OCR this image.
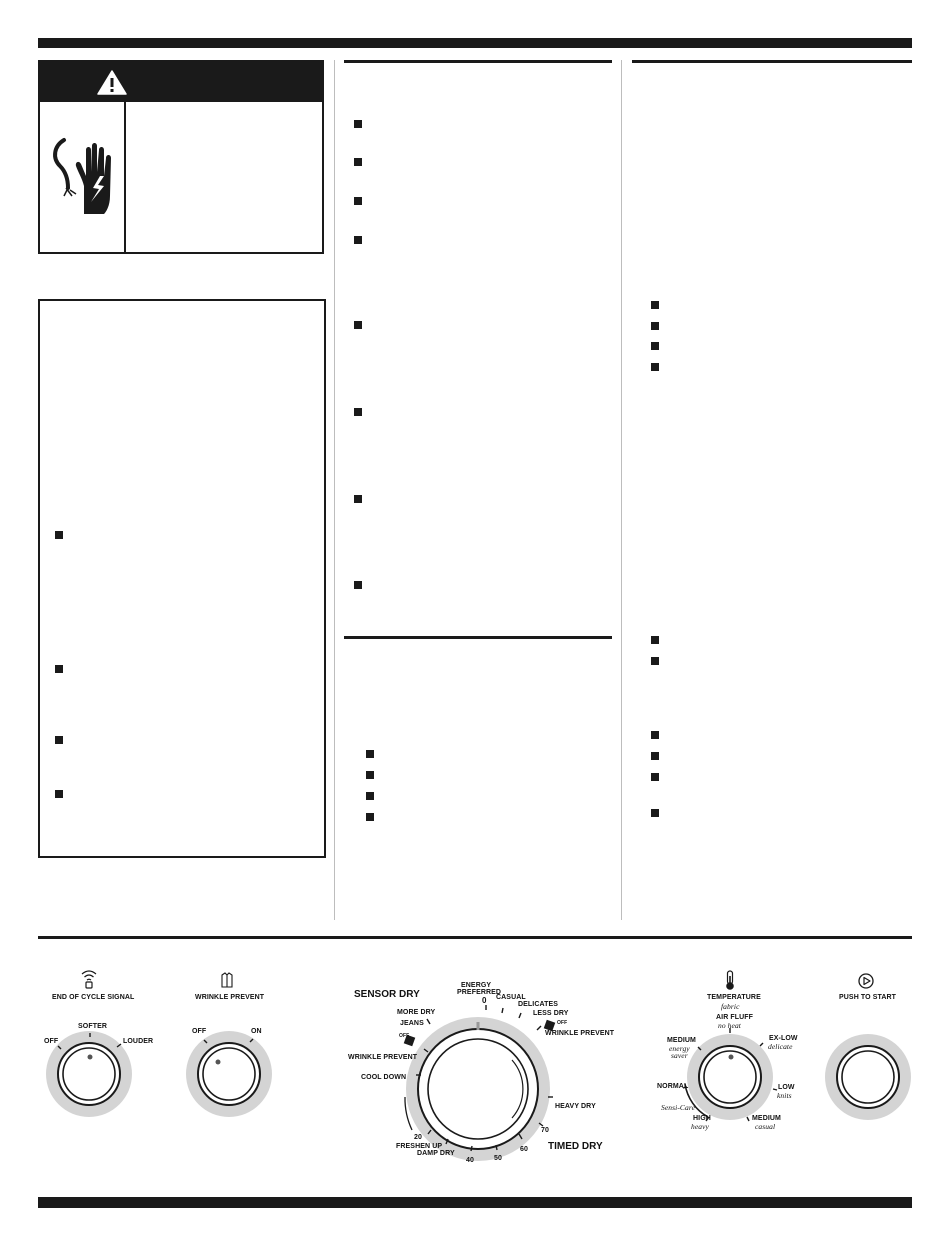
END OF CYCLE SIGNAL
OFF
SOFTER
LOUDER
WRINKLE PREVENT
OFF	ON
SENSOR DRY
TIMED DRY
ENERGY
PREFERRED
0 CASUAL
DELICATES
LESS DRY
WRINKLE PREVENT
OFF
HEAVY DRY
70
60
50
40
DAMP DRY
FRESHEN UP
20
COOL DOWN
WRINKLE PREVENT
OFF
JEANS
MORE DRY
TEMPERATURE
fabric
AIR FLUFF
no heat
EX-LOW
delicate
LOW
knits
MEDIUM
casual
HIGH
heavy
Sensi-Care
NORMAL
MEDIUM
energy
saver
PUSH TO START
